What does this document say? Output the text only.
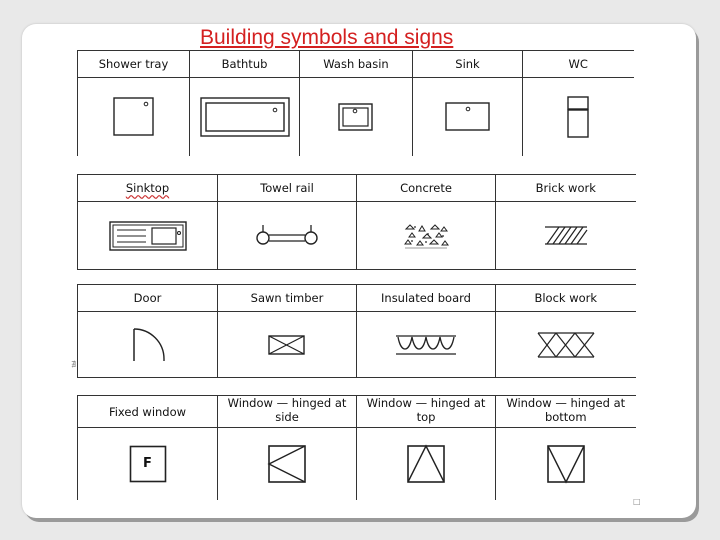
Building symbols and signs
Shower tray	Bathtub	Wash basin	Sink	WC

Sinktop	Towel rail	Concrete	Brick work

Door	Sawn timber	Insulated board	Block work

∄
Fixed window	Window — hinged at side	Window — hinged at top	Window — hinged at bottom

F

□
